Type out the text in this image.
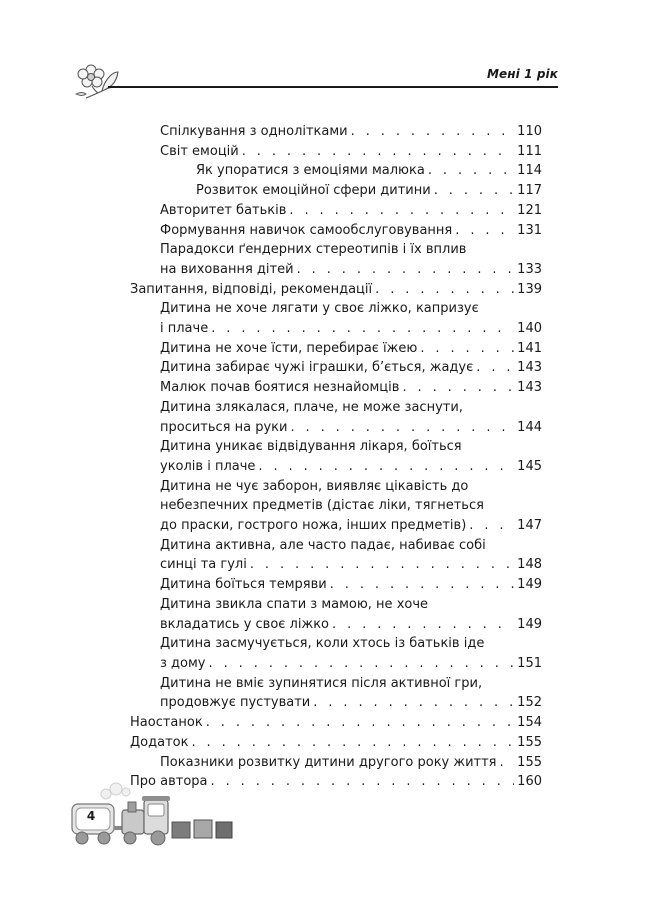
Мені 1 рік
Спілкування з однолітками . . .	110
Світ емоцій . . .	111
Як упоратися з емоціями малюка . . .	114
Розвиток емоційної сфери дитини . . .	117
Авторитет батьків . . .	121
Формування навичок самообслуговування . . .	131
Парадокси ґендерних стереотипів і їх вплив
на виховання дітей . . .	133
Запитання, відповіді, рекомендації . . .	139
Дитина не хоче лягати у своє ліжко, капризує
і плаче . . .	140
Дитина не хоче їсти, перебирає їжею . . .	141
Дитина забирає чужі іграшки, б’ється, жадує . . .	143
Малюк почав боятися незнайомців . . .	143
Дитина злякалася, плаче, не може заснути,
проситься на руки . . .	144
Дитина уникає відвідування лікаря, боїться
уколів і плаче . . .	145
Дитина не чує заборон, виявляє цікавість до
небезпечних предметів (дістає ліки, тягнеться
до праски, гострого ножа, інших предметів) . . .	147
Дитина активна, але часто падає, набиває собі
синці та гулі . . .	148
Дитина боїться темряви . . .	149
Дитина звикла спати з мамою, не хоче
вкладатись у своє ліжко . . .	149
Дитина засмучується, коли хтось із батьків іде
з дому . . .	151
Дитина не вміє зупинятися після активної гри,
продовжує пустувати . . .	152
Наостанок . . .	154
Додаток . . .	155
Показники розвитку дитини другого року життя . . . 155
Про автора . . .	160
4
